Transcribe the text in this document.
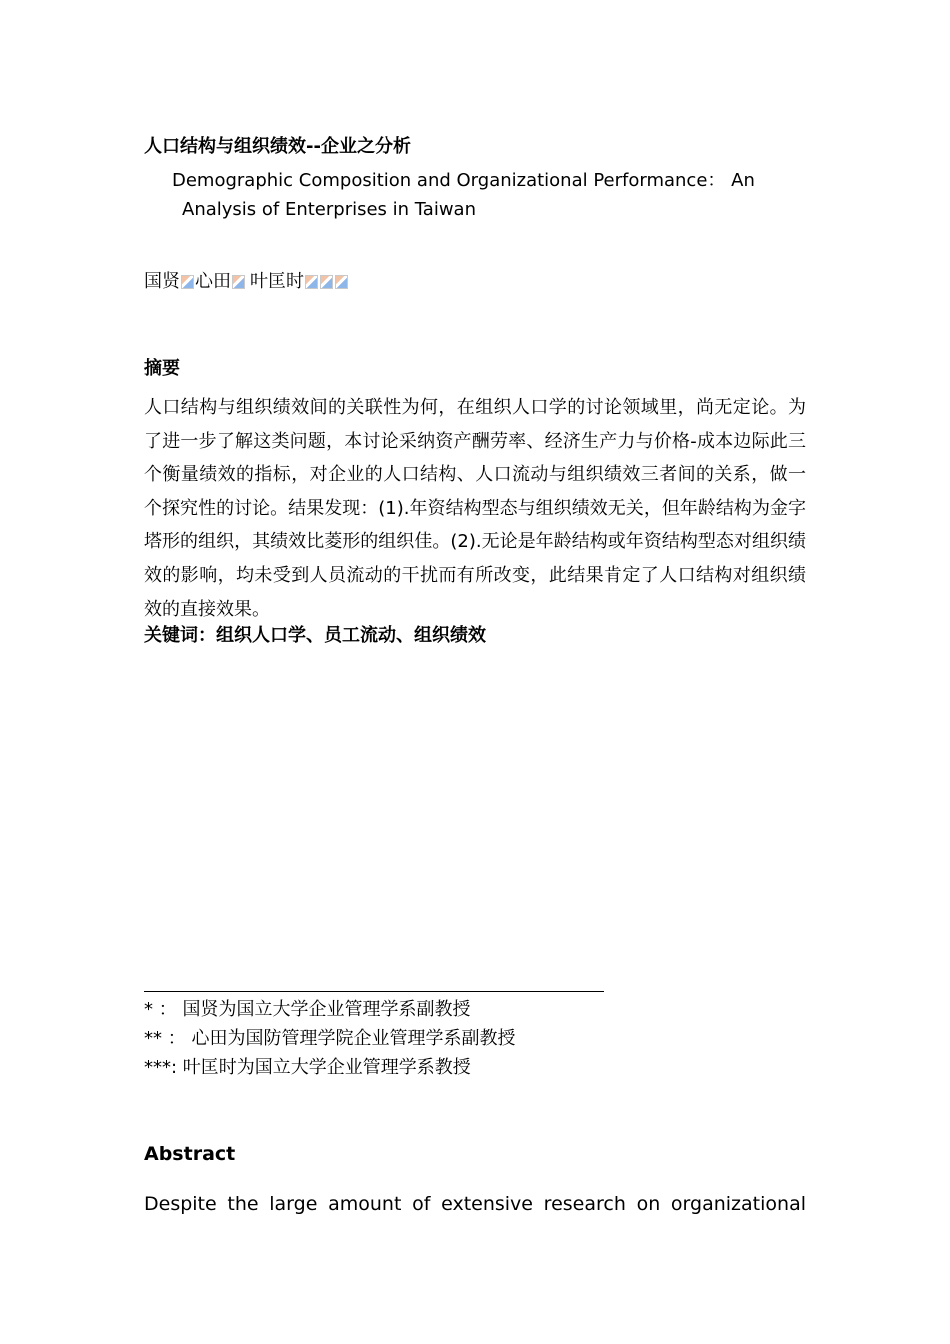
人口结构与组织绩效--企业之分析
Demographic Composition and Organizational Performance： An
Analysis of Enterprises in Taiwan
国贤 心田 叶匡时
摘要
人口结构与组织绩效间的关联性为何，在组织人口学的讨论领域里，尚无定论。为了进一步了解这类问题，本讨论采纳资产酬劳率、经济生产力与价格-成本边际此三个衡量绩效的指标，对企业的人口结构、人口流动与组织绩效三者间的关系，做一个探究性的讨论。结果发现：(1).年资结构型态与组织绩效无关，但年龄结构为金字塔形的组织，其绩效比菱形的组织佳。(2).无论是年龄结构或年资结构型态对组织绩效的影响，均未受到人员流动的干扰而有所改变，此结果肯定了人口结构对组织绩效的直接效果。
关键词：组织人口学、员工流动、组织绩效
* ： 国贤为国立大学企业管理学系副教授
** ： 心田为国防管理学院企业管理学系副教授
***: 叶匡时为国立大学企业管理学系教授
Abstract
Despite the large amount of extensive research on organizational
